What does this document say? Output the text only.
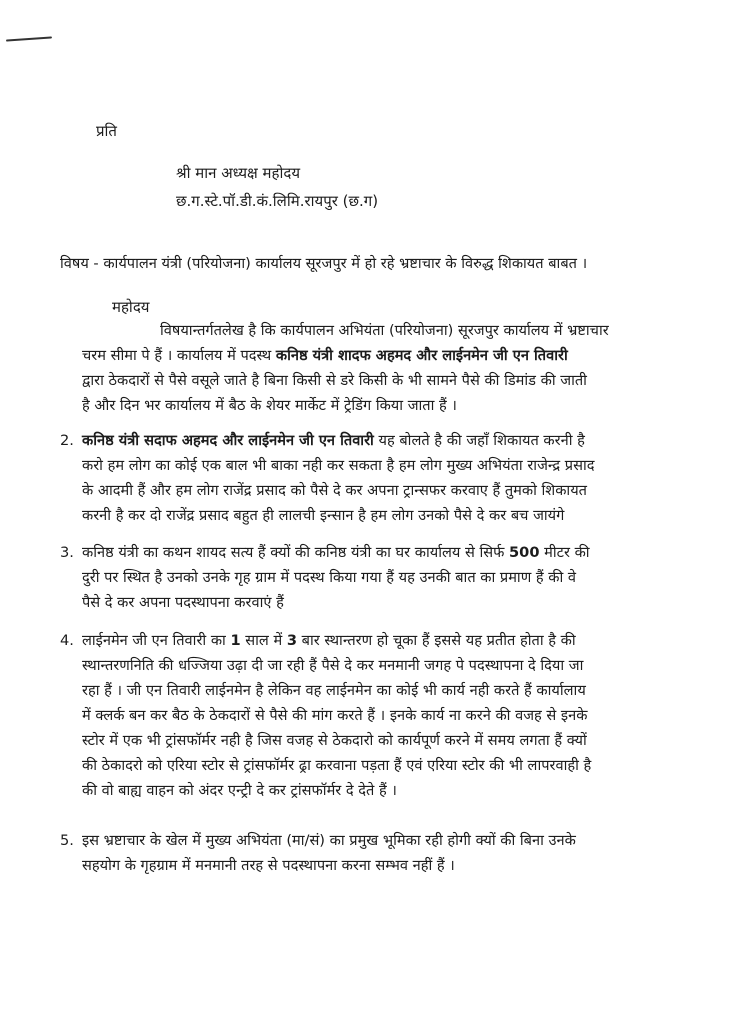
प्रति
श्री मान अध्यक्ष महोदय
छ.ग.स्टे.पॉ.डी.कं.लिमि.रायपुर (छ.ग)
विषय - कार्यपालन यंत्री (परियोजना) कार्यालय सूरजपुर में हो रहे भ्रष्टाचार के विरुद्ध शिकायत बाबत ।
महोदय
विषयान्तर्गतलेख है कि कार्यपालन अभियंता (परियोजना) सूरजपुर कार्यालय में भ्रष्टाचार
चरम सीमा पे हैं । कार्यालय में पदस्थ कनिष्ठ यंत्री शादफ अहमद और लाईनमेन जी एन तिवारी
द्वारा ठेकदारों से पैसे वसूले जाते है बिना किसी से डरे किसी के भी सामने पैसे की डिमांड की जाती
है और दिन भर कार्यालय में बैठ के शेयर मार्केट में ट्रेडिंग किया जाता हैं ।
2. कनिष्ठ यंत्री सदाफ अहमद और लाईनमेन जी एन तिवारी यह बोलते है की जहाँ शिकायत करनी है
करो हम लोग का कोई एक बाल भी बाका नही कर सकता है हम लोग मुख्य अभियंता राजेन्द्र प्रसाद
के आदमी हैं और हम लोग राजेंद्र प्रसाद को पैसे दे कर अपना ट्रान्सफर करवाए हैं तुमको शिकायत
करनी है कर दो राजेंद्र प्रसाद बहुत ही लालची इन्सान है हम लोग उनको पैसे दे कर बच जायंगे
3. कनिष्ठ यंत्री का कथन शायद सत्य हैं क्यों की कनिष्ठ यंत्री का घर कार्यालय से सिर्फ 500 मीटर की
दुरी पर स्थित है उनको उनके गृह ग्राम में पदस्थ किया गया हैं यह उनकी बात का प्रमाण हैं की वे
पैसे दे कर अपना पदस्थापना करवाएं हैं
4. लाईनमेन जी एन तिवारी का 1 साल में 3 बार स्थान्तरण हो चूका हैं इससे यह प्रतीत होता है की
स्थान्तरणनिति की धज्जिया उढ़ा दी जा रही हैं पैसे दे कर मनमानी जगह पे पदस्थापना दे दिया जा
रहा हैं । जी एन तिवारी लाईनमेन है लेकिन वह लाईनमेन का कोई भी कार्य नही करते हैं कार्यालाय
में क्लर्क बन कर बैठ के ठेकदारों से पैसे की मांग करते हैं । इनके कार्य ना करने की वजह से इनके
स्टोर में एक भी ट्रांसफॉर्मर नही है जिस वजह से ठेकदारो को कार्यपूर्ण करने में समय लगता हैं क्यों
की ठेकादरो को एरिया स्टोर से ट्रांसफॉर्मर ढ्रा करवाना पड़ता हैं एवं एरिया स्टोर की भी लापरवाही है
की वो बाह्य वाहन को अंदर एन्ट्री दे कर ट्रांसफॉर्मर दे देते हैं ।
5. इस भ्रष्टाचार के खेल में मुख्य अभियंता (मा/सं) का प्रमुख भूमिका रही होगी क्यों की बिना उनके
सहयोग के गृहग्राम में मनमानी तरह से पदस्थापना करना सम्भव नहीं हैं ।
